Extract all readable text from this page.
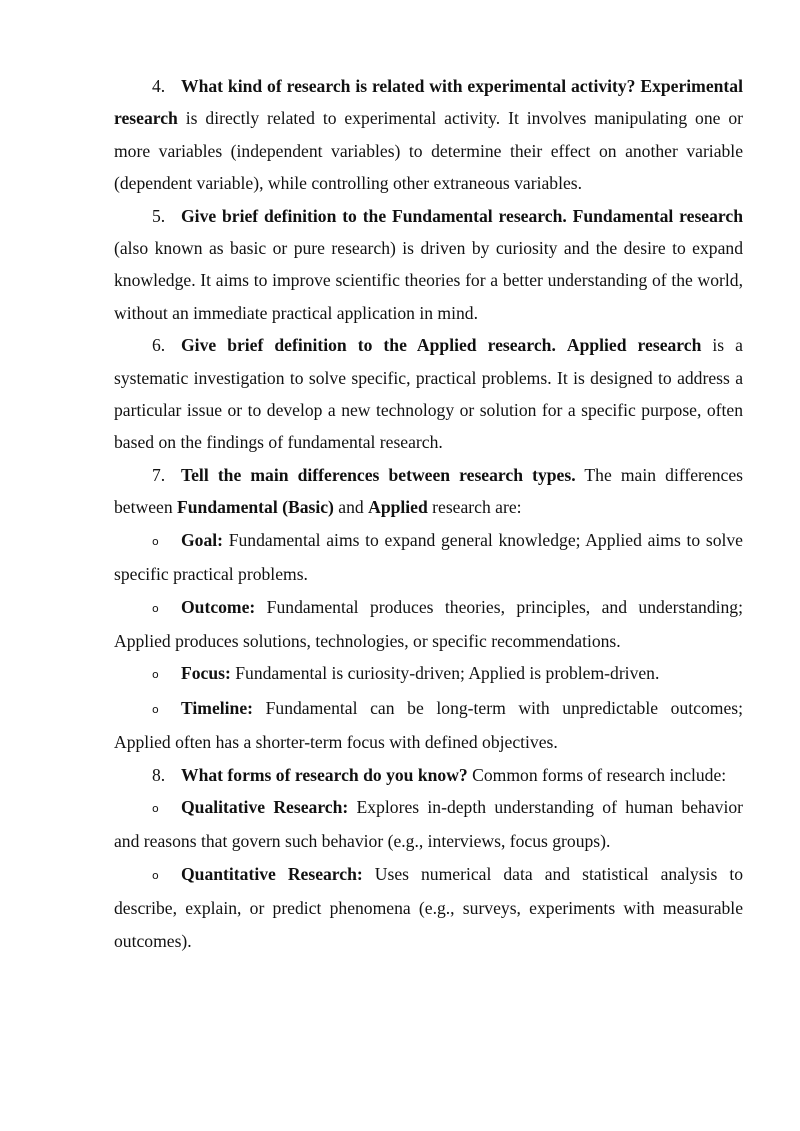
4. What kind of research is related with experimental activity? Experimental research is directly related to experimental activity. It involves manipulating one or more variables (independent variables) to determine their effect on another variable (dependent variable), while controlling other extraneous variables.

5. Give brief definition to the Fundamental research. Fundamental research (also known as basic or pure research) is driven by curiosity and the desire to expand knowledge. It aims to improve scientific theories for a better understanding of the world, without an immediate practical application in mind.

6. Give brief definition to the Applied research. Applied research is a systematic investigation to solve specific, practical problems. It is designed to address a particular issue or to develop a new technology or solution for a specific purpose, often based on the findings of fundamental research.

7. Tell the main differences between research types. The main differences between Fundamental (Basic) and Applied research are:

o Goal: Fundamental aims to expand general knowledge; Applied aims to solve specific practical problems.

o Outcome: Fundamental produces theories, principles, and understanding; Applied produces solutions, technologies, or specific recommendations.

o Focus: Fundamental is curiosity-driven; Applied is problem-driven.

o Timeline: Fundamental can be long-term with unpredictable outcomes; Applied often has a shorter-term focus with defined objectives.

8. What forms of research do you know? Common forms of research include:

o Qualitative Research: Explores in-depth understanding of human behavior and reasons that govern such behavior (e.g., interviews, focus groups).

o Quantitative Research: Uses numerical data and statistical analysis to describe, explain, or predict phenomena (e.g., surveys, experiments with measurable outcomes).
